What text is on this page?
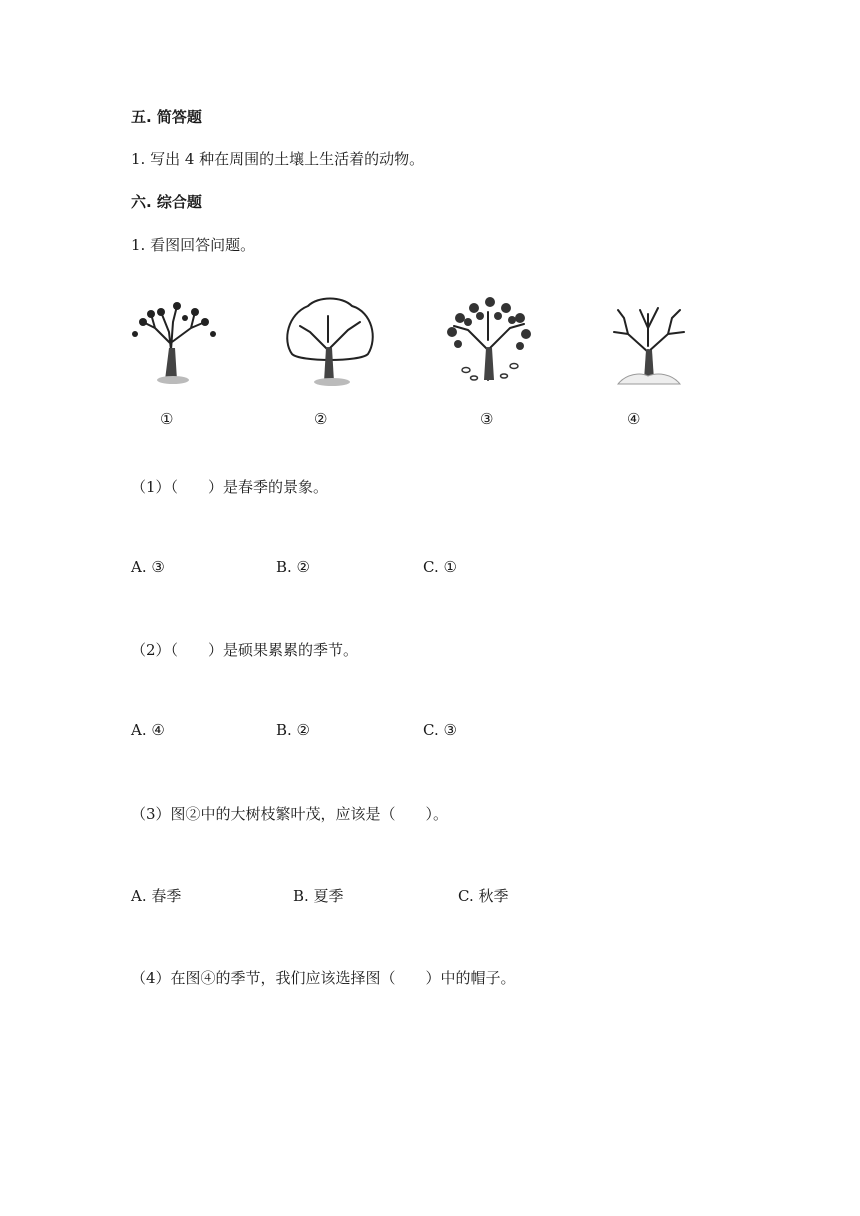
五. 简答题
1. 写出 4 种在周围的土壤上生活着的动物。
六. 综合题
1. 看图回答问题。
①	②	③	④
（1）（　　）是春季的景象。
A. ③	B. ②	C. ①
（2）（　　）是硕果累累的季节。
A. ④	B. ②	C. ③
（3）图②中的大树枝繁叶茂，应该是（　　）。
A. 春季	B. 夏季	C. 秋季
（4）在图④的季节，我们应该选择图（　　）中的帽子。
